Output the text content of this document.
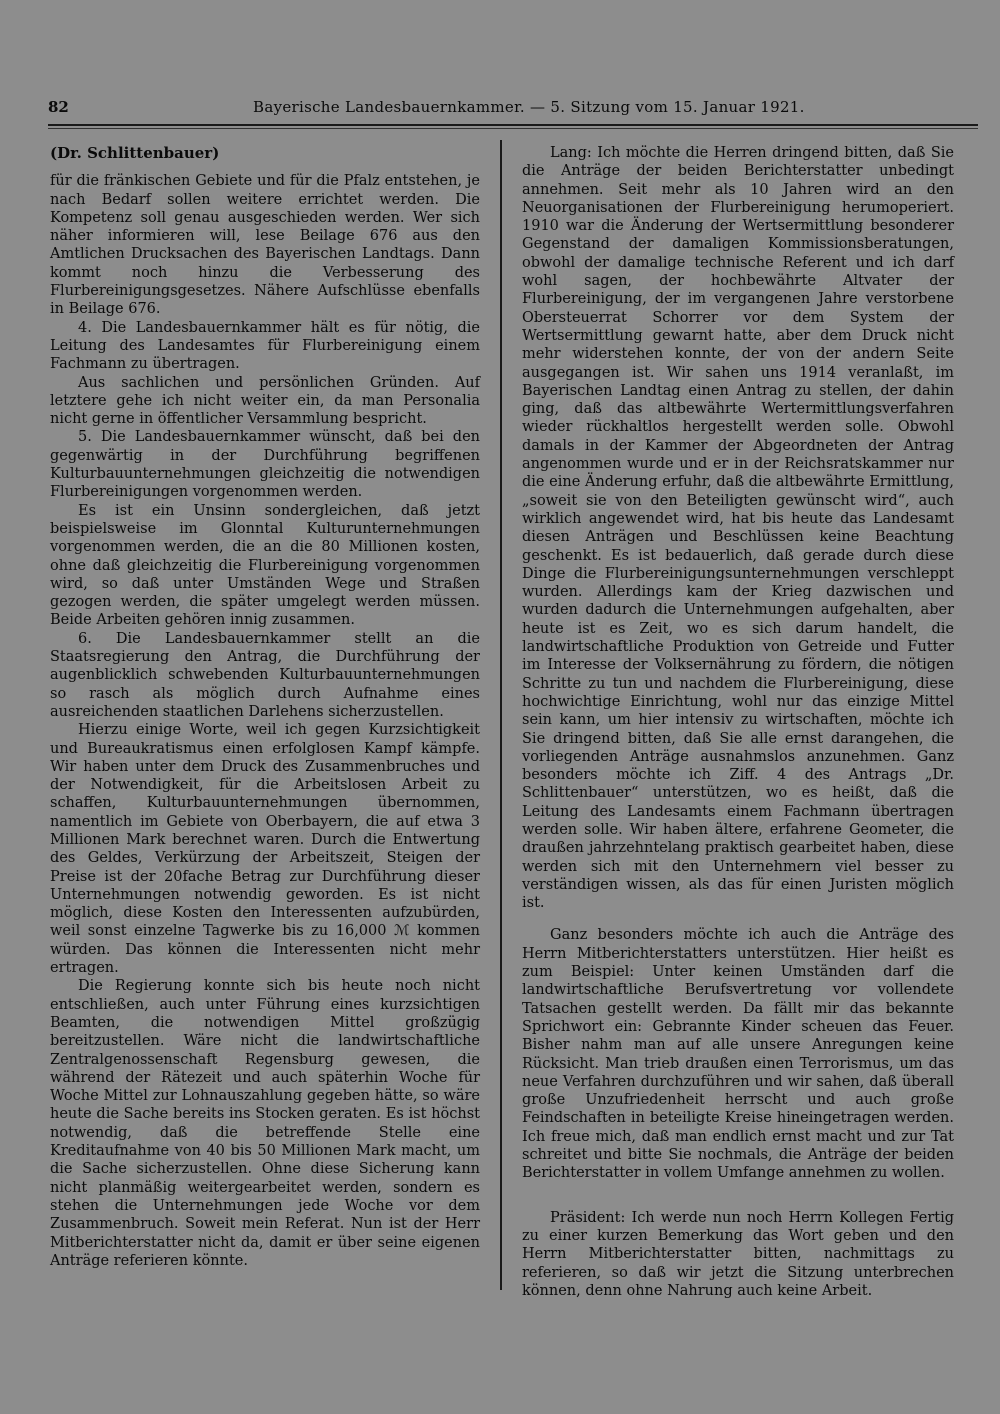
82	Bayerische Landesbauernkammer. — 5. Sitzung vom 15. Januar 1921.

(Dr. Schlittenbauer)

für die fränkischen Gebiete und für die Pfalz entstehen, je nach Bedarf sollen weitere errichtet werden. Die Kompetenz soll genau ausgeschieden werden. Wer sich näher informieren will, lese Beilage 676 aus den Amtlichen Drucksachen des Bayerischen Landtags. Dann kommt noch hinzu die Verbesserung des Flurbereinigungsgesetzes. Nähere Aufschlüsse ebenfalls in Beilage 676.

4. Die Landesbauernkammer hält es für nötig, die Leitung des Landesamtes für Flurbereinigung einem Fachmann zu übertragen.

Aus sachlichen und persönlichen Gründen. Auf letztere gehe ich nicht weiter ein, da man Personalia nicht gerne in öffentlicher Versammlung bespricht.

5. Die Landesbauernkammer wünscht, daß bei den gegenwärtig in der Durchführung begriffenen Kulturbauunternehmungen gleichzeitig die notwendigen Flurbereinigungen vorgenommen werden.

Es ist ein Unsinn sondergleichen, daß jetzt beispielsweise im Glonntal Kulturunternehmungen vorgenommen werden, die an die 80 Millionen kosten, ohne daß gleichzeitig die Flurbereinigung vorgenommen wird, so daß unter Umständen Wege und Straßen gezogen werden, die später umgelegt werden müssen. Beide Arbeiten gehören innig zusammen.

6. Die Landesbauernkammer stellt an die Staatsregierung den Antrag, die Durchführung der augenblicklich schwebenden Kulturbauunternehmungen so rasch als möglich durch Aufnahme eines ausreichenden staatlichen Darlehens sicherzustellen.

Hierzu einige Worte, weil ich gegen Kurzsichtigkeit und Bureaukratismus einen erfolglosen Kampf kämpfe. Wir haben unter dem Druck des Zusammenbruches und der Notwendigkeit, für die Arbeitslosen Arbeit zu schaffen, Kulturbauunternehmungen übernommen, namentlich im Gebiete von Oberbayern, die auf etwa 3 Millionen Mark berechnet waren. Durch die Entwertung des Geldes, Verkürzung der Arbeitszeit, Steigen der Preise ist der 20fache Betrag zur Durchführung dieser Unternehmungen notwendig geworden. Es ist nicht möglich, diese Kosten den Interessenten aufzubürden, weil sonst einzelne Tagwerke bis zu 16,000 ℳ kommen würden. Das können die Interessenten nicht mehr ertragen.

Die Regierung konnte sich bis heute noch nicht entschließen, auch unter Führung eines kurzsichtigen Beamten, die notwendigen Mittel großzügig bereitzustellen. Wäre nicht die landwirtschaftliche Zentralgenossenschaft Regensburg gewesen, die während der Rätezeit und auch späterhin Woche für Woche Mittel zur Lohnauszahlung gegeben hätte, so wäre heute die Sache bereits ins Stocken geraten. Es ist höchst notwendig, daß die betreffende Stelle eine Kreditaufnahme von 40 bis 50 Millionen Mark macht, um die Sache sicherzustellen. Ohne diese Sicherung kann nicht planmäßig weitergearbeitet werden, sondern es stehen die Unternehmungen jede Woche vor dem Zusammenbruch. Soweit mein Referat. Nun ist der Herr Mitberichterstatter nicht da, damit er über seine eigenen Anträge referieren könnte.

Lang: Ich möchte die Herren dringend bitten, daß Sie die Anträge der beiden Berichterstatter unbedingt annehmen. Seit mehr als 10 Jahren wird an den Neuorganisationen der Flurbereinigung herumoperiert. 1910 war die Änderung der Wertsermittlung besonderer Gegenstand der damaligen Kommissionsberatungen, obwohl der damalige technische Referent und ich darf wohl sagen, der hochbewährte Altvater der Flurbereinigung, der im vergangenen Jahre verstorbene Obersteuerrat Schorrer vor dem System der Wertsermittlung gewarnt hatte, aber dem Druck nicht mehr widerstehen konnte, der von der andern Seite ausgegangen ist. Wir sahen uns 1914 veranlaßt, im Bayerischen Landtag einen Antrag zu stellen, der dahin ging, daß das altbewährte Wertermittlungsverfahren wieder rückhaltlos hergestellt werden solle. Obwohl damals in der Kammer der Abgeordneten der Antrag angenommen wurde und er in der Reichsratskammer nur die eine Änderung erfuhr, daß die altbewährte Ermittlung, „soweit sie von den Beteiligten gewünscht wird“, auch wirklich angewendet wird, hat bis heute das Landesamt diesen Anträgen und Beschlüssen keine Beachtung geschenkt. Es ist bedauerlich, daß gerade durch diese Dinge die Flurbereinigungsunternehmungen verschleppt wurden. Allerdings kam der Krieg dazwischen und wurden dadurch die Unternehmungen aufgehalten, aber heute ist es Zeit, wo es sich darum handelt, die landwirtschaftliche Produktion von Getreide und Futter im Interesse der Volksernährung zu fördern, die nötigen Schritte zu tun und nachdem die Flurbereinigung, diese hochwichtige Einrichtung, wohl nur das einzige Mittel sein kann, um hier intensiv zu wirtschaften, möchte ich Sie dringend bitten, daß Sie alle ernst darangehen, die vorliegenden Anträge ausnahmslos anzunehmen. Ganz besonders möchte ich Ziff. 4 des Antrags „Dr. Schlittenbauer“ unterstützen, wo es heißt, daß die Leitung des Landesamts einem Fachmann übertragen werden solle. Wir haben ältere, erfahrene Geometer, die draußen jahrzehntelang praktisch gearbeitet haben, diese werden sich mit den Unternehmern viel besser zu verständigen wissen, als das für einen Juristen möglich ist.

Ganz besonders möchte ich auch die Anträge des Herrn Mitberichterstatters unterstützen. Hier heißt es zum Beispiel: Unter keinen Umständen darf die landwirtschaftliche Berufsvertretung vor vollendete Tatsachen gestellt werden. Da fällt mir das bekannte Sprichwort ein: Gebrannte Kinder scheuen das Feuer. Bisher nahm man auf alle unsere Anregungen keine Rücksicht. Man trieb draußen einen Terrorismus, um das neue Verfahren durchzuführen und wir sahen, daß überall große Unzufriedenheit herrscht und auch große Feindschaften in beteiligte Kreise hineingetragen werden. Ich freue mich, daß man endlich ernst macht und zur Tat schreitet und bitte Sie nochmals, die Anträge der beiden Berichterstatter in vollem Umfange annehmen zu wollen.

Präsident: Ich werde nun noch Herrn Kollegen Fertig zu einer kurzen Bemerkung das Wort geben und den Herrn Mitberichterstatter bitten, nachmittags zu referieren, so daß wir jetzt die Sitzung unterbrechen können, denn ohne Nahrung auch keine Arbeit.
